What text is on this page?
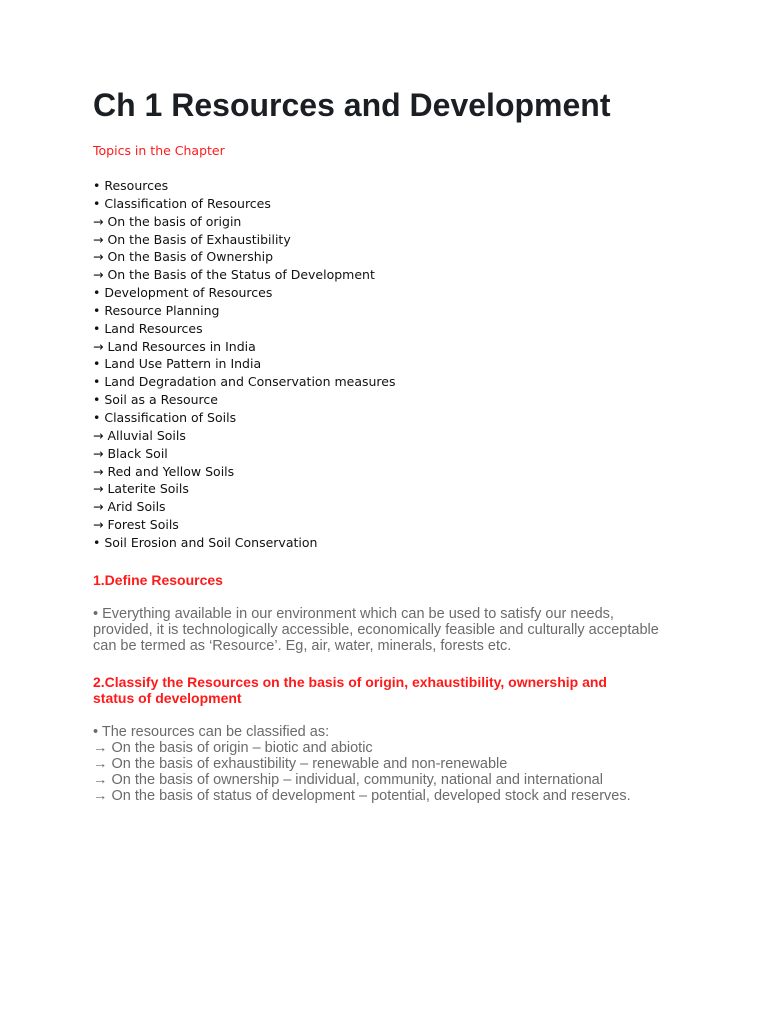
Ch 1 Resources and Development
Topics in the Chapter
• Resources
• Classification of Resources
→ On the basis of origin
→ On the Basis of Exhaustibility
→ On the Basis of Ownership
→ On the Basis of the Status of Development
• Development of Resources
• Resource Planning
• Land Resources
→ Land Resources in India
• Land Use Pattern in India
• Land Degradation and Conservation measures
• Soil as a Resource
• Classification of Soils
→ Alluvial Soils
→ Black Soil
→ Red and Yellow Soils
→ Laterite Soils
→ Arid Soils
→ Forest Soils
• Soil Erosion and Soil Conservation
1.Define Resources
• Everything available in our environment which can be used to satisfy our needs,
provided, it is technologically accessible, economically feasible and culturally acceptable
can be termed as ‘Resource’. Eg, air, water, minerals, forests etc.
2.Classify the Resources on the basis of origin, exhaustibility, ownership and status of development
• The resources can be classified as:
→ On the basis of origin – biotic and abiotic
→ On the basis of exhaustibility – renewable and non-renewable
→ On the basis of ownership – individual, community, national and international
→ On the basis of status of development – potential, developed stock and reserves.
